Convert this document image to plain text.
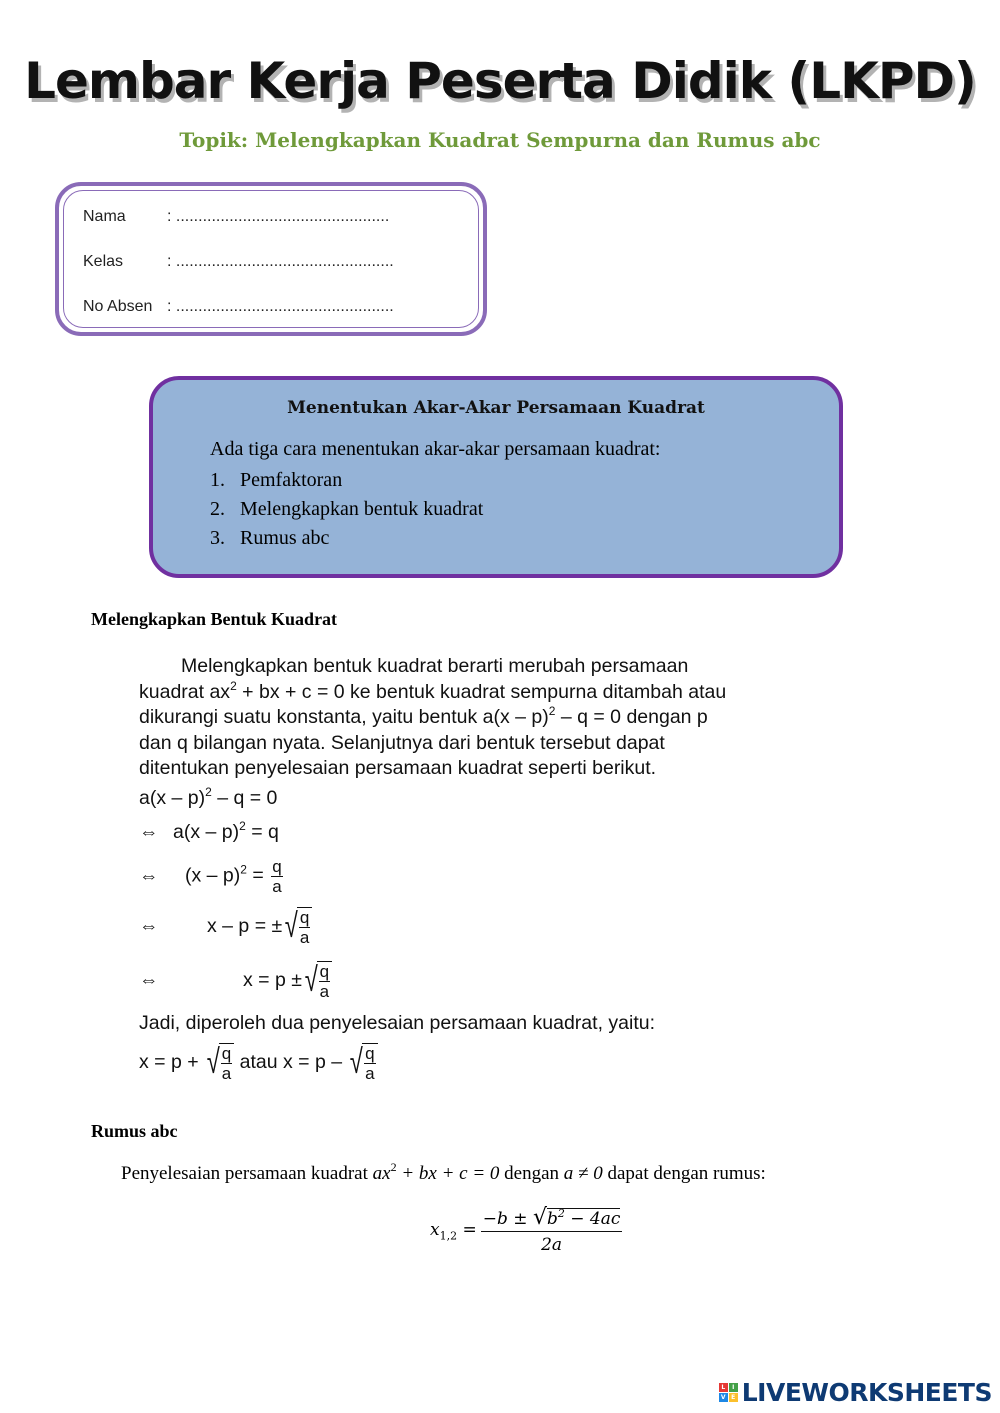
Lembar Kerja Peserta Didik (LKPD)
Topik: Melengkapkan Kuadrat Sempurna dan Rumus abc
Nama	: ................................................
Kelas	: .................................................
No Absen : .................................................
Menentukan Akar-Akar Persamaan Kuadrat
Ada tiga cara menentukan akar-akar persamaan kuadrat:
1. Pemfaktoran
2. Melengkapkan bentuk kuadrat
3. Rumus abc
Melengkapkan Bentuk Kuadrat

Melengkapkan bentuk kuadrat berarti merubah persamaan kuadrat $ax^2$ + bx + c = 0 ke bentuk kuadrat sempurna ditambah atau dikurangi suatu konstanta, yaitu bentuk a(x – p)$^2$ – q = 0 dengan p dan q bilangan nyata. Selanjutnya dari bentuk tersebut dapat ditentukan penyelesaian persamaan kuadrat seperti berikut.

a(x – p)$^2$ – q = 0
⇔ a(x – p)$^2$ = q
⇔ $(x - p)^2 = \frac{q}{a}$
⇔ x – p = ± √ $\frac{q}{a}$
⇔	x = p ± √ $\frac{q}{a}$
Jadi, diperoleh dua penyelesaian persamaan kuadrat, yaitu:
x = p + √ $\frac{q}{a}$ atau x = p – √ $\frac{q}{a}$
Rumus abc
Penyelesaian persamaan kuadrat $ax^2$ + bx + c = 0 dengan a ≠ 0 dapat dengan rumus:
$x_{1,2} = \frac{-b \pm √ b^2 - 4ac}{2a}$
L	I
V E LIVEWORKSHEETS
